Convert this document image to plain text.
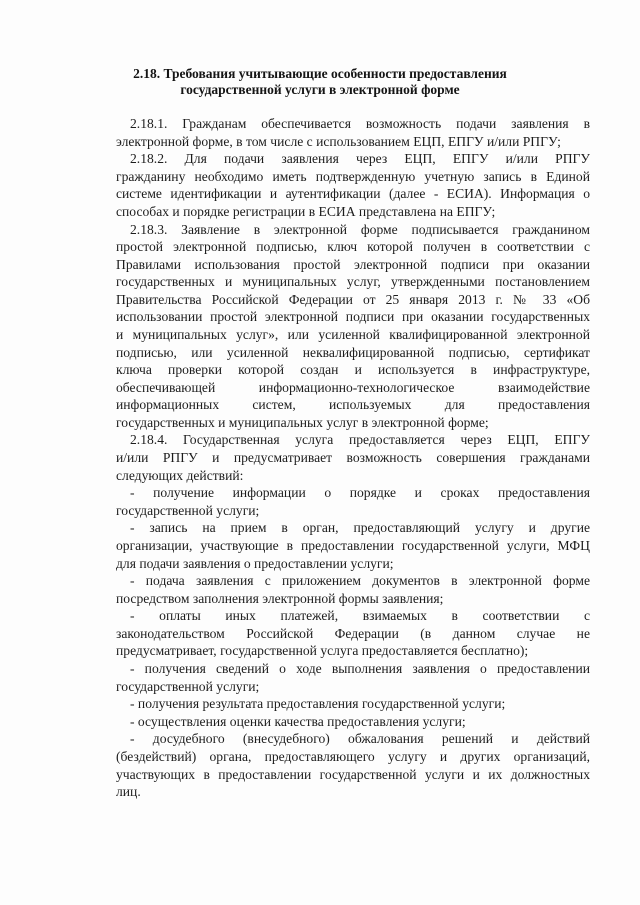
2.18. Требования учитывающие особенности предоставления
государственной услуги в электронной форме
2.18.1. Гражданам обеспечивается возможность подачи заявления в
электронной форме, в том числе с использованием ЕЦП, ЕПГУ и/или РПГУ;
2.18.2. Для подачи заявления через ЕЦП, ЕПГУ и/или РПГУ
гражданину необходимо иметь подтвержденную учетную запись в Единой
системе идентификации и аутентификации (далее - ЕСИА). Информация о
способах и порядке регистрации в ЕСИА представлена на ЕПГУ;
2.18.3. Заявление в электронной форме подписывается гражданином
простой электронной подписью, ключ которой получен в соответствии с
Правилами использования простой электронной подписи при оказании
государственных и муниципальных услуг, утвержденными постановлением
Правительства Российской Федерации от 25 января 2013 г. № 33 «Об
использовании простой электронной подписи при оказании государственных
и муниципальных услуг», или усиленной квалифицированной электронной
подписью, или усиленной неквалифицированной подписью, сертификат
ключа проверки которой создан и используется в инфраструктуре,
обеспечивающей информационно-технологическое взаимодействие
информационных систем, используемых для предоставления
государственных и муниципальных услуг в электронной форме;
2.18.4. Государственная услуга предоставляется через ЕЦП, ЕПГУ
и/или РПГУ и предусматривает возможность совершения гражданами
следующих действий:
- получение информации о порядке и сроках предоставления
государственной услуги;
- запись на прием в орган, предоставляющий услугу и другие
организации, участвующие в предоставлении государственной услуги, МФЦ
для подачи заявления о предоставлении услуги;
- подача заявления с приложением документов в электронной форме
посредством заполнения электронной формы заявления;
- оплаты иных платежей, взимаемых в соответствии с
законодательством Российской Федерации (в данном случае не
предусматривает, государственной услуга предоставляется бесплатно);
- получения сведений о ходе выполнения заявления о предоставлении
государственной услуги;
- получения результата предоставления государственной услуги;
- осуществления оценки качества предоставления услуги;
- досудебного (внесудебного) обжалования решений и действий
(бездействий) органа, предоставляющего услугу и других организаций,
участвующих в предоставлении государственной услуги и их должностных
лиц.
